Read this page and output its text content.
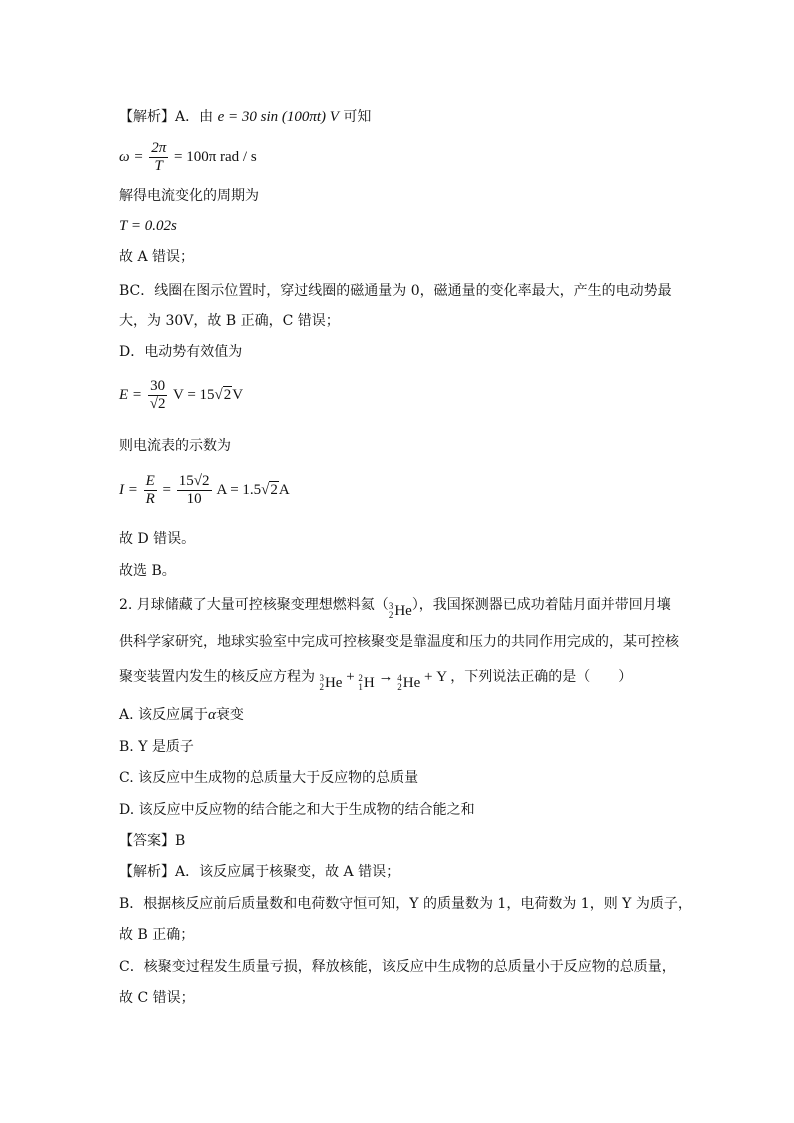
【解析】A．由 e = 30 sin (100πt) V 可知
$\omega = \frac{2\pi}{T} = 100\pi$ rad / s
解得电流变化的周期为
T = 0.02s
故 A 错误；
BC．线圈在图示位置时，穿过线圈的磁通量为 0，磁通量的变化率最大，产生的电动势最
大，为 30V，故 B 正确，C 错误；
D．电动势有效值为
$E = \frac{30}{√2}$ V = 15√2V
则电流表的示数为
$I = \frac{E}{R} = \frac{15√2}{10}$ A = 1.5√2A
故 D 错误。
故选 B。
2. 月球储藏了大量可控核聚变理想燃料氦（ 3
2 He ），我国探测器已成功着陆月面并带回月壤
供科学家研究，地球实验室中完成可控核聚变是靠温度和压力的共同作用完成的，某可控核
聚变装置内发生的核反应方程为 3
2 He + 2
1 H → 4
2 He + Y ，下列说法正确的是（　　）
A. 该反应属于α衰变
B. Y 是质子
C. 该反应中生成物的总质量大于反应物的总质量
D. 该反应中反应物的结合能之和大于生成物的结合能之和
【答案】B
【解析】A．该反应属于核聚变，故 A 错误；
B．根据核反应前后质量数和电荷数守恒可知，Y 的质量数为 1，电荷数为 1，则 Y 为质子，
故 B 正确；
C．核聚变过程发生质量亏损，释放核能，该反应中生成物的总质量小于反应物的总质量，
故 C 错误；
